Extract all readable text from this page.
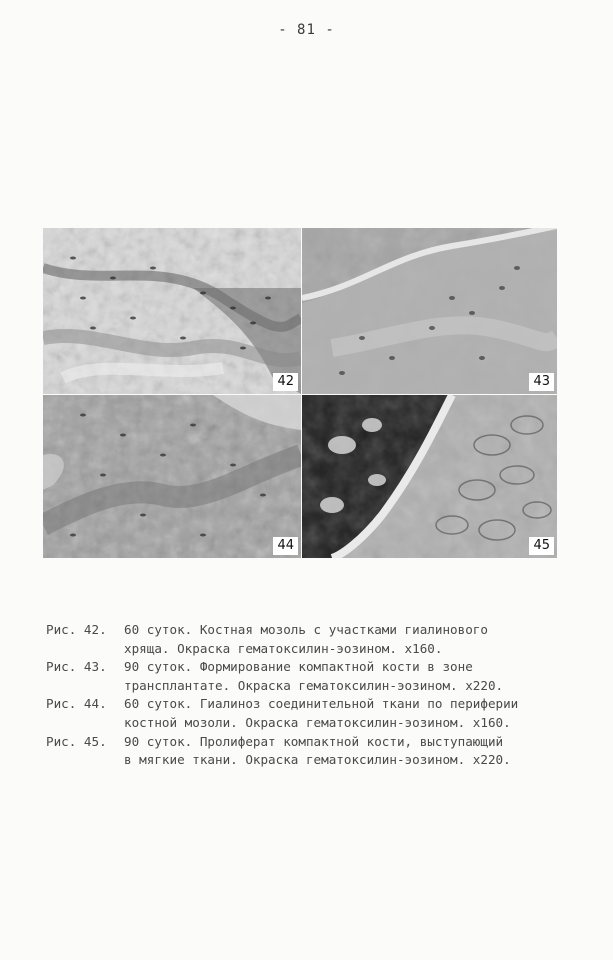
- 81 -
42	43
44	45
Рис. 42.	60 суток. Костная мозоль с участками гиалинового
хряща. Окраска гематоксилин-эозином. х160.
Рис. 43.	90 суток. Формирование компактной кости в зоне
трансплантате. Окраска гематоксилин-эозином. х220.
Рис. 44.	60 суток. Гиалиноз соединительной ткани по периферии
костной мозоли. Окраска гематоксилин-эозином. х160.
Рис. 45.	90 суток. Пролиферат компактной кости, выступающий
в мягкие ткани. Окраска гематоксилин-эозином. х220.
